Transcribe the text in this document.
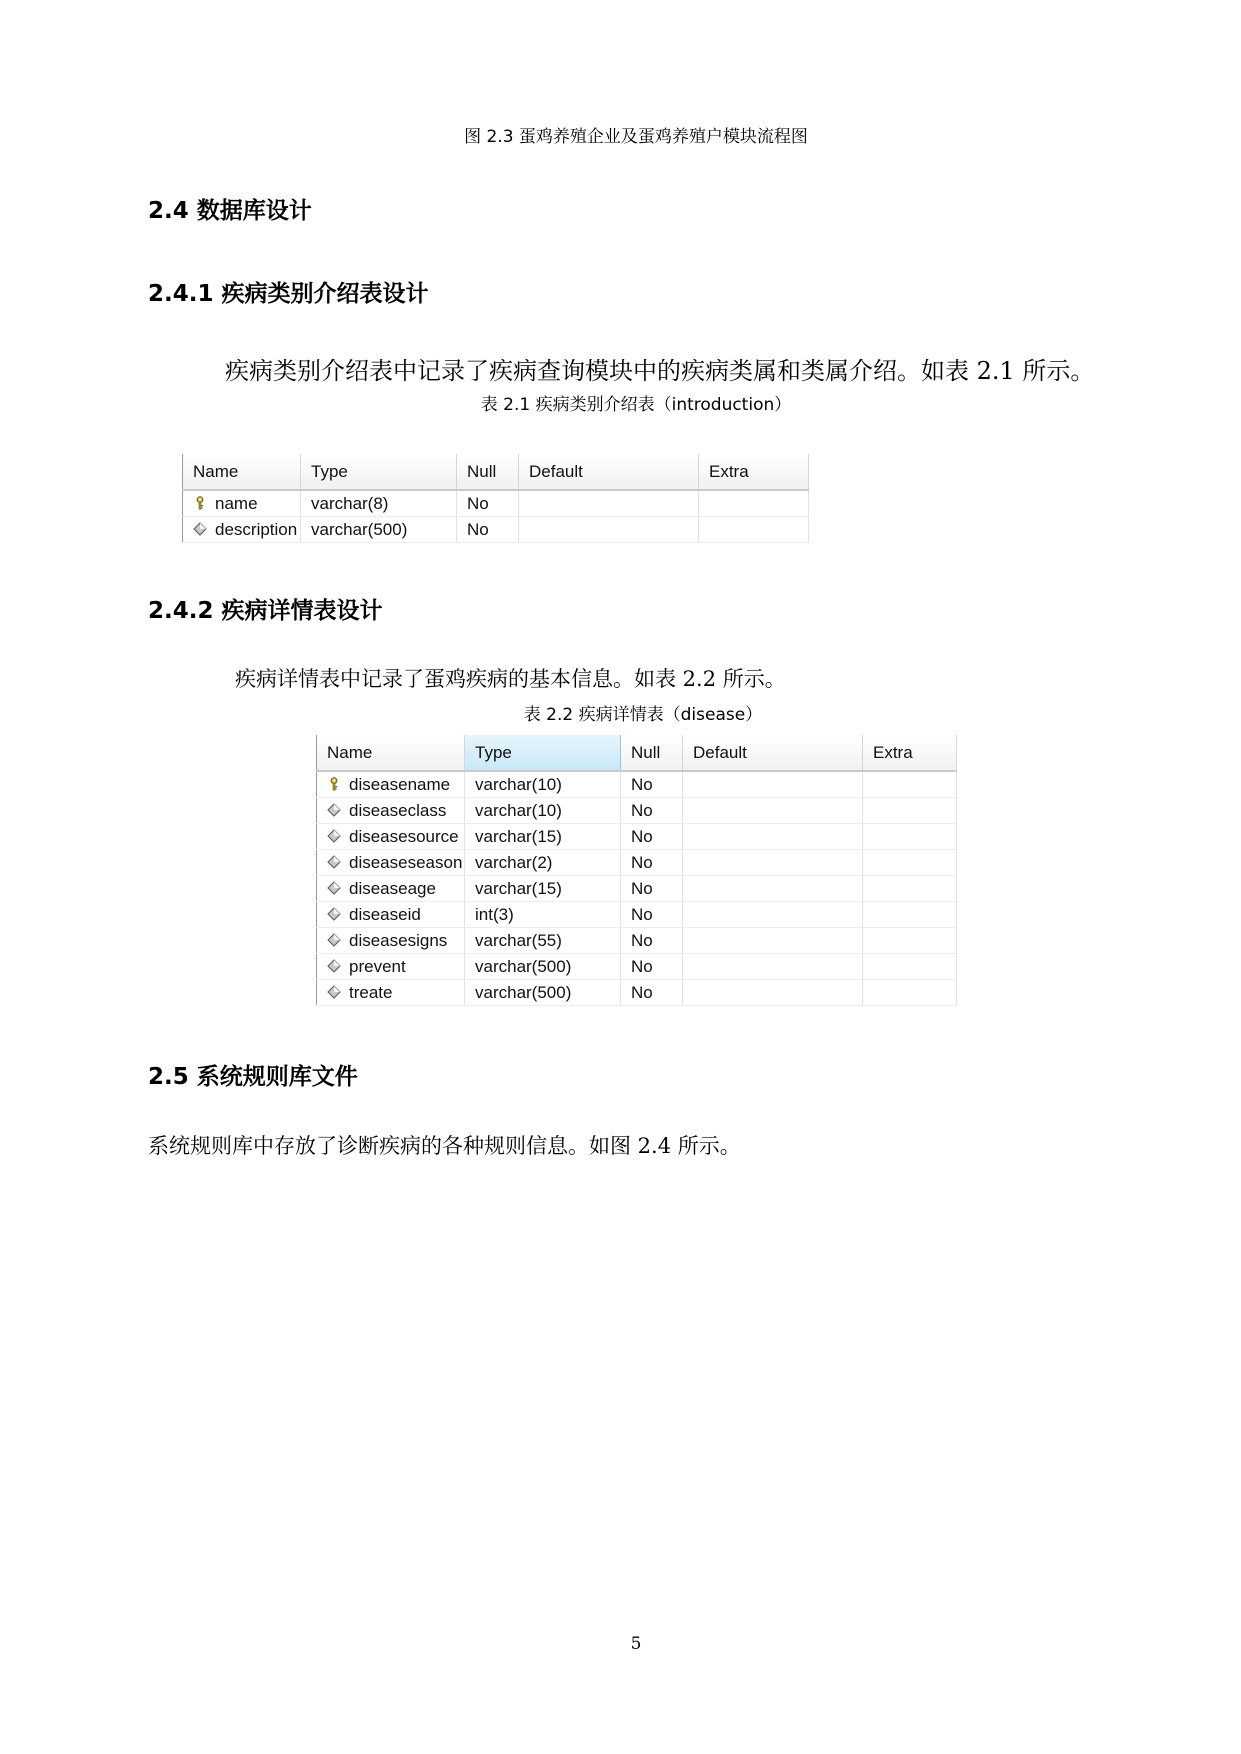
图 2.3 蛋鸡养殖企业及蛋鸡养殖户模块流程图
2.4 数据库设计
2.4.1 疾病类别介绍表设计
疾病类别介绍表中记录了疾病查询模块中的疾病类属和类属介绍。如表 2.1 所示。
表 2.1 疾病类别介绍表（introduction）
Name	Type	Null	Default	Extra
name	varchar(8)	No		
description	varchar(500)	No		
2.4.2 疾病详情表设计
疾病详情表中记录了蛋鸡疾病的基本信息。如表 2.2 所示。
表 2.2 疾病详情表（disease）
Name	Type	Null	Default	Extra
diseasename	varchar(10)	No		
diseaseclass	varchar(10)	No		
diseasesource	varchar(15)	No		
diseaseseason	varchar(2)	No		
diseaseage	varchar(15)	No		
diseaseid	int(3)	No		
diseasesigns	varchar(55)	No		
prevent	varchar(500)	No		
treate	varchar(500)	No		
2.5 系统规则库文件
系统规则库中存放了诊断疾病的各种规则信息。如图 2.4 所示。
5
